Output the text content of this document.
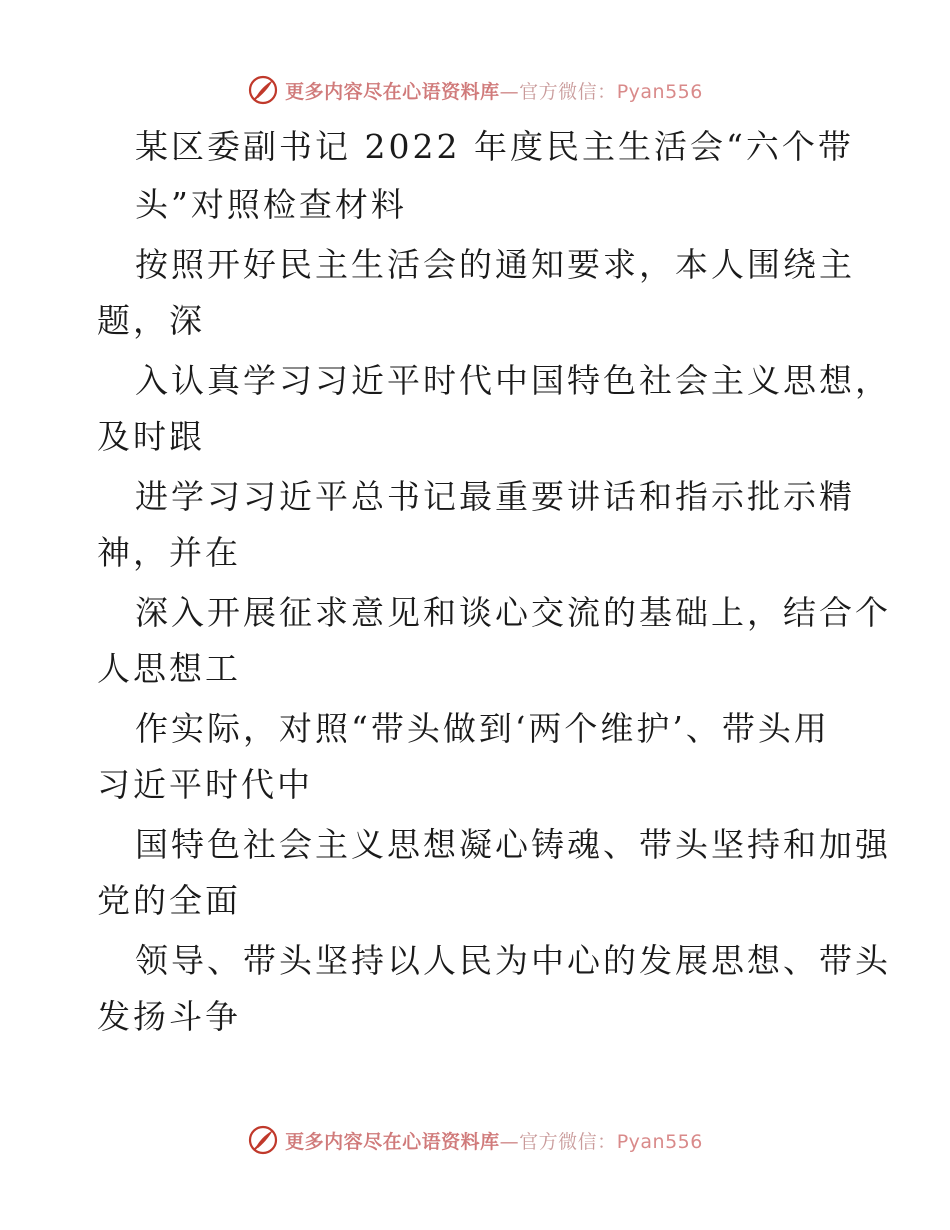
更多内容尽在心语资料库—官方微信：Pyan556
某区委副书记 2022 年度民主生活会“六个带
头”对照检查材料
按照开好民主生活会的通知要求，本人围绕主
题，深
入认真学习习近平时代中国特色社会主义思想，
及时跟
进学习习近平总书记最重要讲话和指示批示精
神，并在
深入开展征求意见和谈心交流的基础上，结合个
人思想工
作实际，对照“带头做到‘两个维护’、带头用
习近平时代中
国特色社会主义思想凝心铸魂、带头坚持和加强
党的全面
领导、带头坚持以人民为中心的发展思想、带头
发扬斗争
更多内容尽在心语资料库—官方微信：Pyan556
